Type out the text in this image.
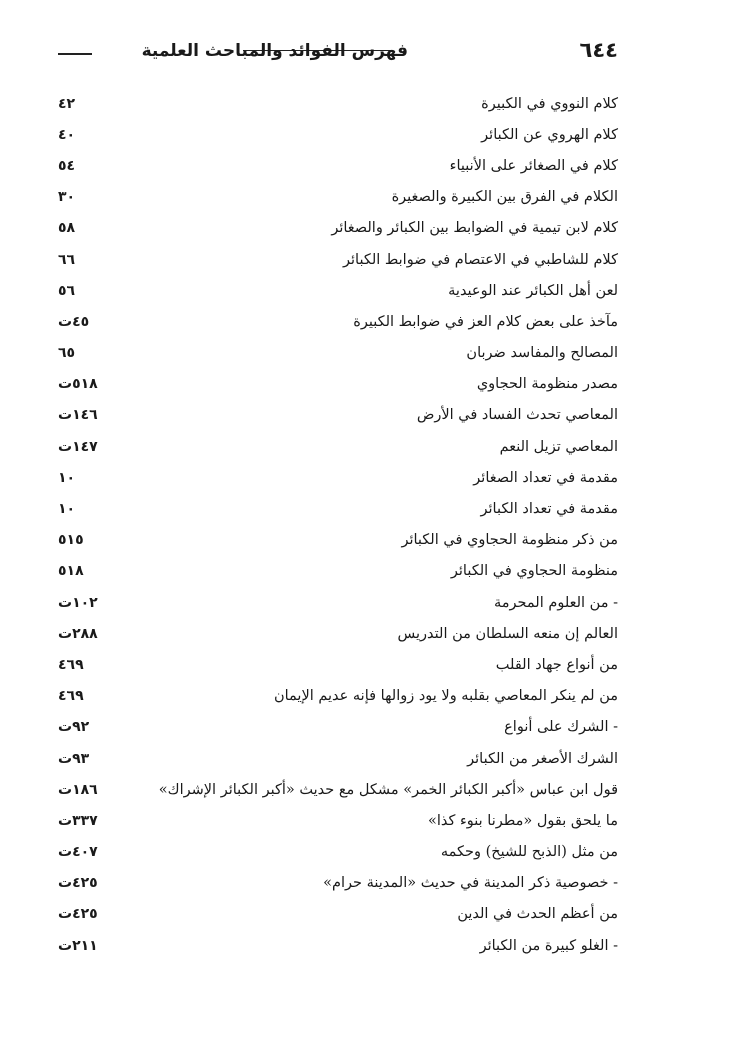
٦٤٤
فهرس الفوائد والمباحث العلمية
كلام النووي في الكبيرة
٤٢
كلام الهروي عن الكبائر
٤٠
كلام في الصغائر على الأنبياء
٥٤
الكلام في الفرق بين الكبيرة والصغيرة
٣٠
كلام لابن تيمية في الضوابط بين الكبائر والصغائر
٥٨
كلام للشاطبي في الاعتصام في ضوابط الكبائر
٦٦
لعن أهل الكبائر عند الوعيدية
٥٦
مآخذ على بعض كلام العز في ضوابط الكبيرة
٤٥ت
المصالح والمفاسد ضربان
٦٥
مصدر منظومة الحجاوي
٥١٨ت
المعاصي تحدث الفساد في الأرض
١٤٦ت
المعاصي تزيل النعم
١٤٧ت
مقدمة في تعداد الصغائر
١٠
مقدمة في تعداد الكبائر
١٠
من ذكر منظومة الحجاوي في الكبائر
٥١٥
منظومة الحجاوي في الكبائر
٥١٨
- من العلوم المحرمة
١٠٢ت
العالم إن منعه السلطان من التدريس
٢٨٨ت
من أنواع جهاد القلب
٤٦٩
من لم ينكر المعاصي بقلبه ولا يود زوالها فإنه عديم الإيمان
٤٦٩
- الشرك على أنواع
٩٢ت
الشرك الأصغر من الكبائر
٩٣ت
قول ابن عباس «أكبر الكبائر الخمر» مشكل مع حديث «أكبر الكبائر الإشراك»
١٨٦ت
ما يلحق بقول «مطرنا بنوء كذا»
٣٣٧ت
من مثل (الذبح للشيخ) وحكمه
٤٠٧ت
- خصوصية ذكر المدينة في حديث «المدينة حرام»
٤٢٥ت
من أعظم الحدث في الدين
٤٢٥ت
- الغلو كبيرة من الكبائر
٢١١ت
